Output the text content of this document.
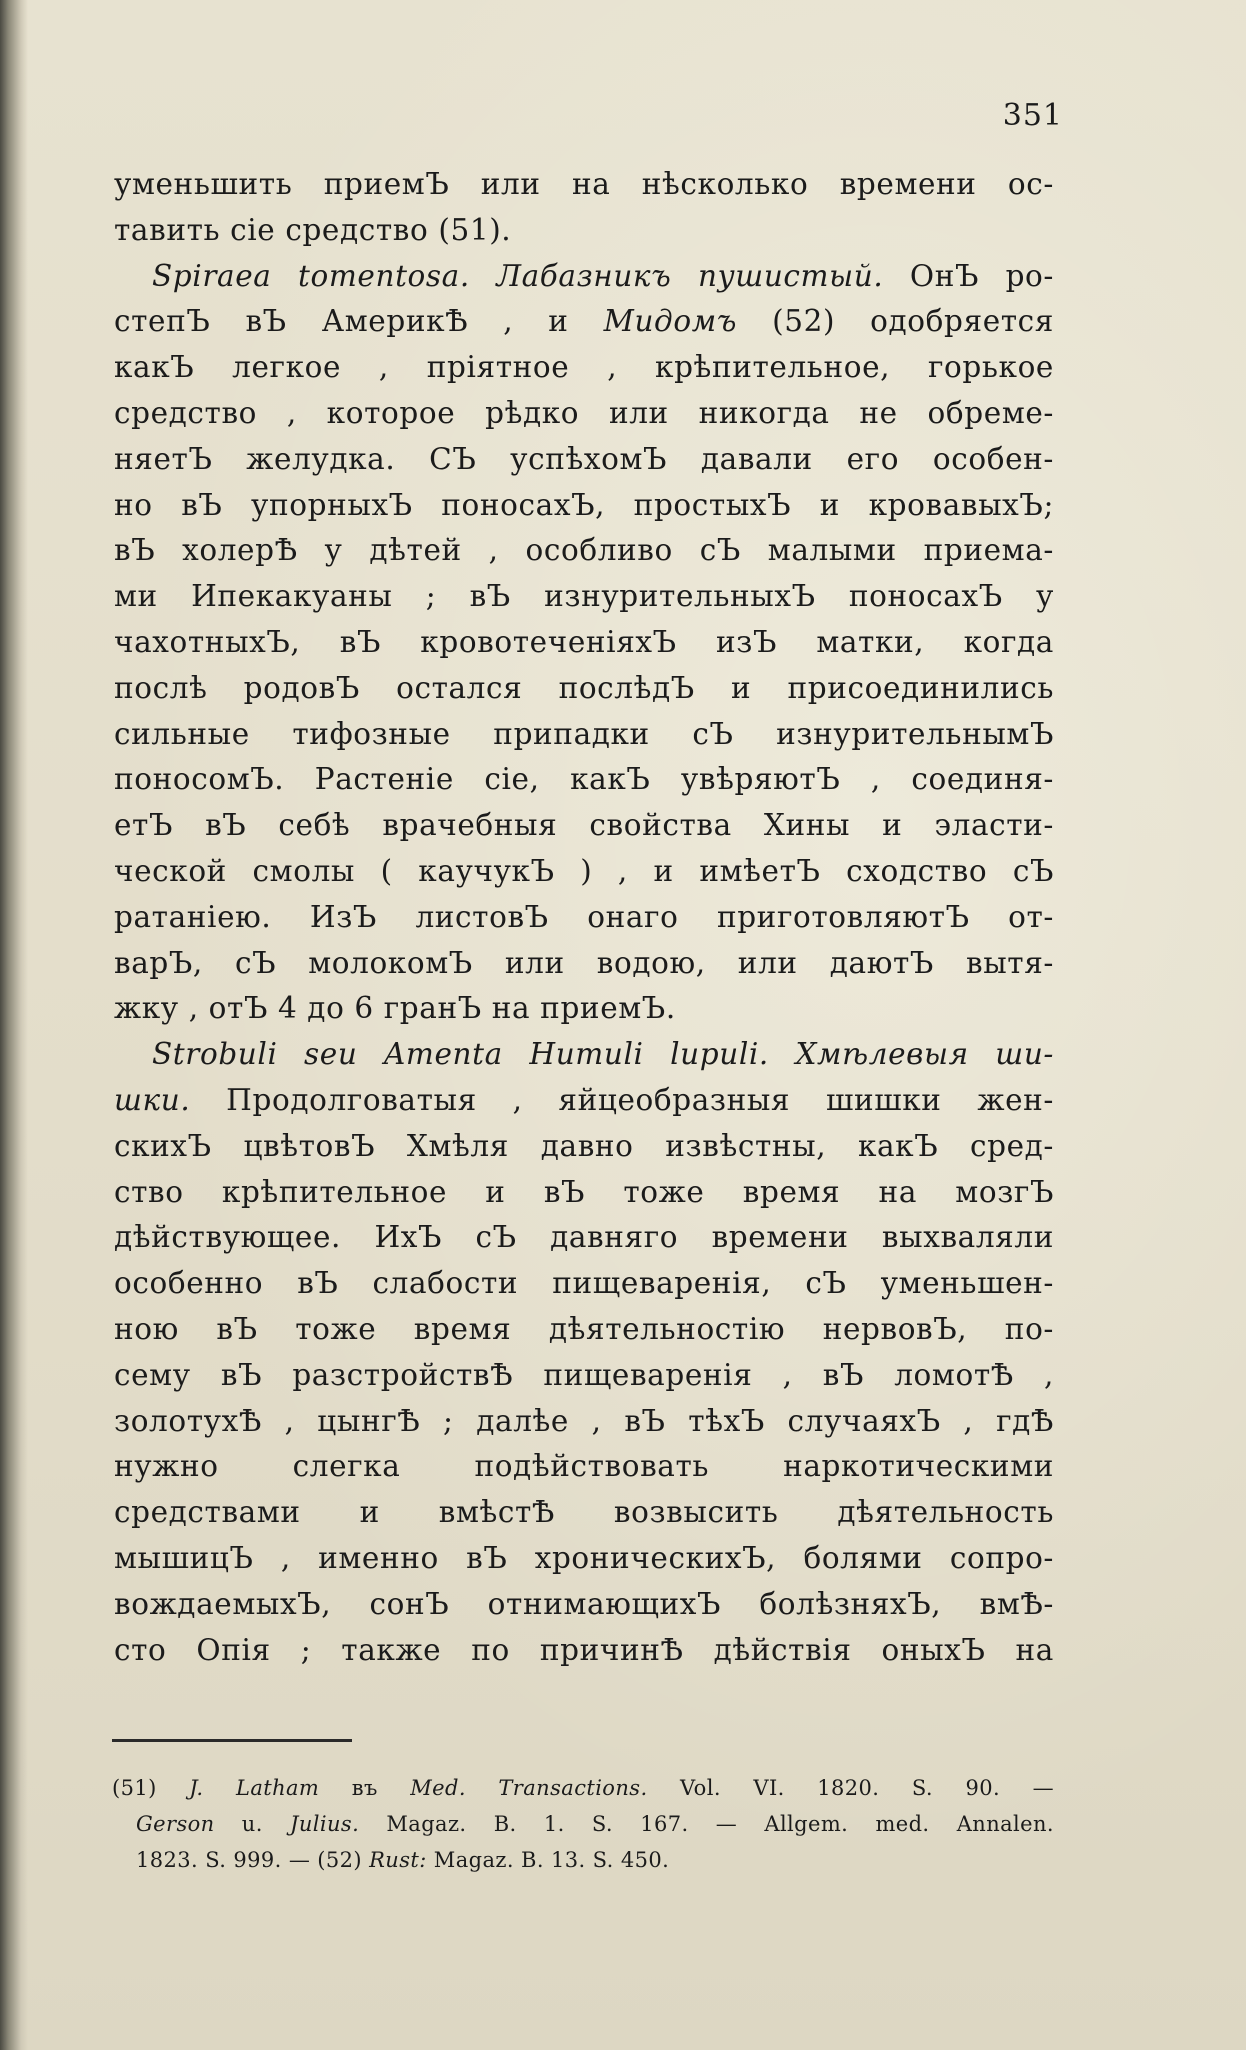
351
уменьшить приемЪ или на нѣсколько времени ос-
тавить сіе средство (51).
Spiraea tomentosa. Лабазникъ пушистый. ОнЪ ро-
степЪ вЪ АмерикѢ , и Мидомъ (52) одобряется
какЪ легкое , пріятное , крѣпительное, горькое
средство , которое рѣдко или никогда не обреме-
няетЪ желудка. СЪ успѣхомЪ давали его особен-
но вЪ упорныхЪ поносахЪ, простыхЪ и кровавыхЪ;
вЪ холерѢ у дѣтей , особливо сЪ малыми приема-
ми Ипекакуаны ; вЪ изнурительныхЪ поносахЪ у
чахотныхЪ, вЪ кровотеченіяхЪ изЪ матки, когда
послѣ родовЪ остался послѣдЪ и присоединились
сильные тифозные припадки сЪ изнурительнымЪ
поносомЪ. Растеніе сіе, какЪ увѣряютЪ , соединя-
етЪ вЪ себѣ врачебныя свойства Хины и эласти-
ческой смолы ( каучукЪ ) , и имѣетЪ сходство сЪ
ратаніею. ИзЪ листовЪ онаго приготовляютЪ от-
варЪ, сЪ молокомЪ или водою, или даютЪ вытя-
жку , отЪ 4 до 6 гранЪ на приемЪ.
Strobuli seu Amenta Humuli lupuli. Хмѣлевыя ши-
шки. Продолговатыя , яйцеобразныя шишки жен-
скихЪ цвѣтовЪ Хмѣля давно извѣстны, какЪ сред-
ство крѣпительное и вЪ тоже время на мозгЪ
дѣйствующее. ИхЪ сЪ давняго времени выхваляли
особенно вЪ слабости пищеваренія, сЪ уменьшен-
ною вЪ тоже время дѣятельностію нервовЪ, по-
сему вЪ разстройствѢ пищеваренія , вЪ ломотѢ ,
золотухѢ , цынгѢ ; далѣе , вЪ тѣхЪ случаяхЪ , гдѢ
нужно слегка подѣйствовать наркотическими
средствами и вмѣстѢ возвысить дѣятельность
мышицЪ , именно вЪ хроническихЪ, болями сопро-
вождаемыхЪ, сонЪ отнимающихЪ болѣзняхЪ, вмѢ-
сто Опія ; также по причинѢ дѣйствія оныхЪ на
(51) J. Latham въ Med. Transactions. Vol. VI. 1820. S. 90. —
Gerson u. Julius. Magaz. B. 1. S. 167. — Allgem. med. Annalen.
1823. S. 999. — (52) Rust: Magaz. B. 13. S. 450.
